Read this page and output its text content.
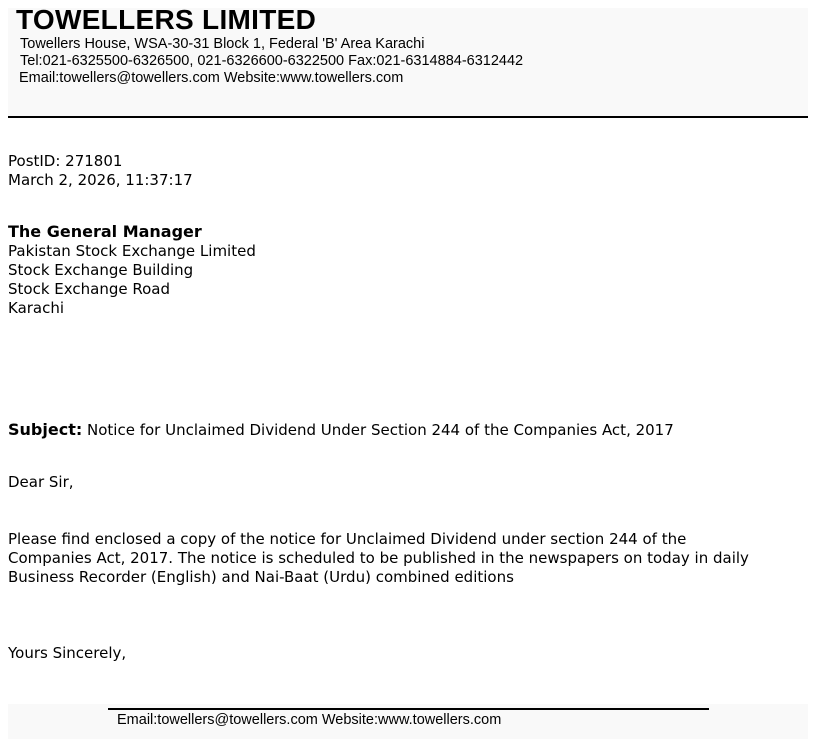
TOWELLERS LIMITED
Towellers House, WSA-30-31 Block 1, Federal 'B' Area Karachi
Tel:021-6325500-6326500, 021-6326600-6322500 Fax:021-6314884-6312442
Email:towellers@towellers.com Website:www.towellers.com
PostID: 271801
March 2, 2026, 11:37:17
The General Manager
Pakistan Stock Exchange Limited
Stock Exchange Building
Stock Exchange Road
Karachi
Subject: Notice for Unclaimed Dividend Under Section 244 of the Companies Act, 2017
Dear Sir,
Please find enclosed a copy of the notice for Unclaimed Dividend under section 244 of the
Companies Act, 2017. The notice is scheduled to be published in the newspapers on today in daily
Business Recorder (English) and Nai-Baat (Urdu) combined editions
Yours Sincerely,
Email:towellers@towellers.com Website:www.towellers.com
